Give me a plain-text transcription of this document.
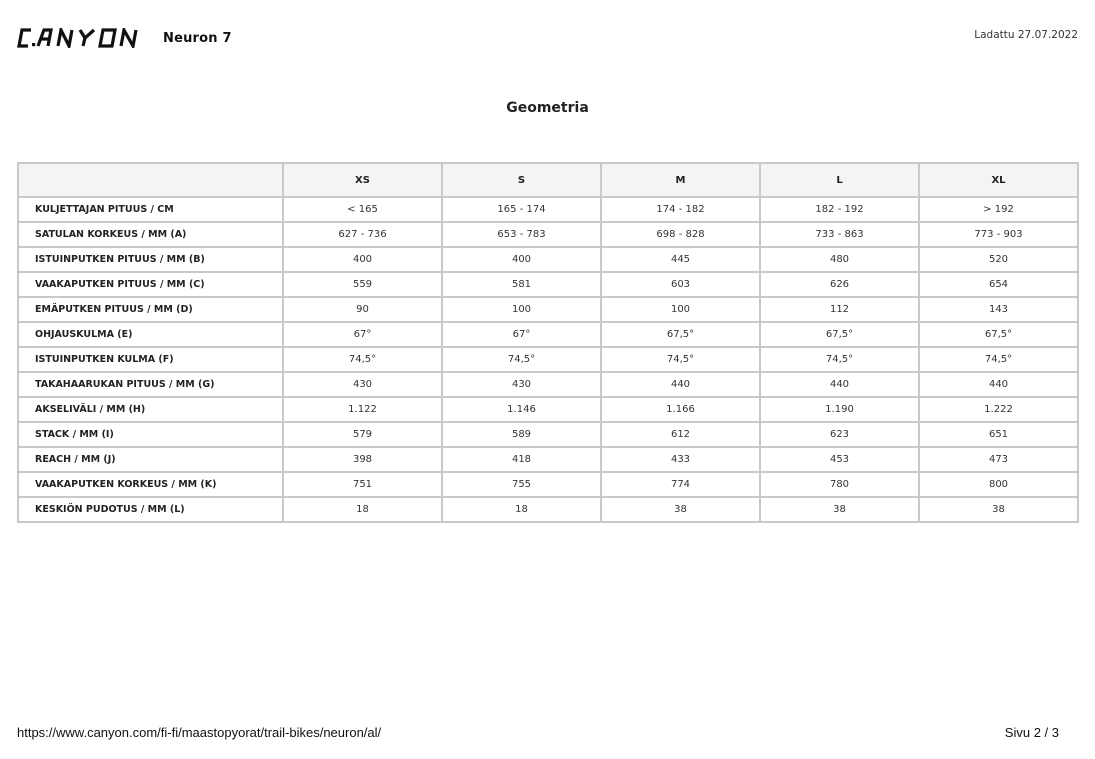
Neuron 7	Ladattu 27.07.2022
Geometria
	XS	S	M	L	XL
KULJETTAJAN PITUUS / CM	< 165	165 - 174	174 - 182	182 - 192	> 192
SATULAN KORKEUS / MM (A)	627 - 736	653 - 783	698 - 828	733 - 863	773 - 903
ISTUINPUTKEN PITUUS / MM (B)	400	400	445	480	520
VAAKAPUTKEN PITUUS / MM (C)	559	581	603	626	654
EMÄPUTKEN PITUUS / MM (D)	90	100	100	112	143
OHJAUSKULMA (E)	67°	67°	67,5°	67,5°	67,5°
ISTUINPUTKEN KULMA (F)	74,5°	74,5°	74,5°	74,5°	74,5°
TAKAHAARUKAN PITUUS / MM (G)	430	430	440	440	440
AKSELIVÄLI / MM (H)	1.122	1.146	1.166	1.190	1.222
STACK / MM (I)	579	589	612	623	651
REACH / MM (J)	398	418	433	453	473
VAAKAPUTKEN KORKEUS / MM (K)	751	755	774	780	800
KESKIÖN PUDOTUS / MM (L)	18	18	38	38	38
https://www.canyon.com/fi-fi/maastopyorat/trail-bikes/neuron/al/	Sivu 2 / 3
